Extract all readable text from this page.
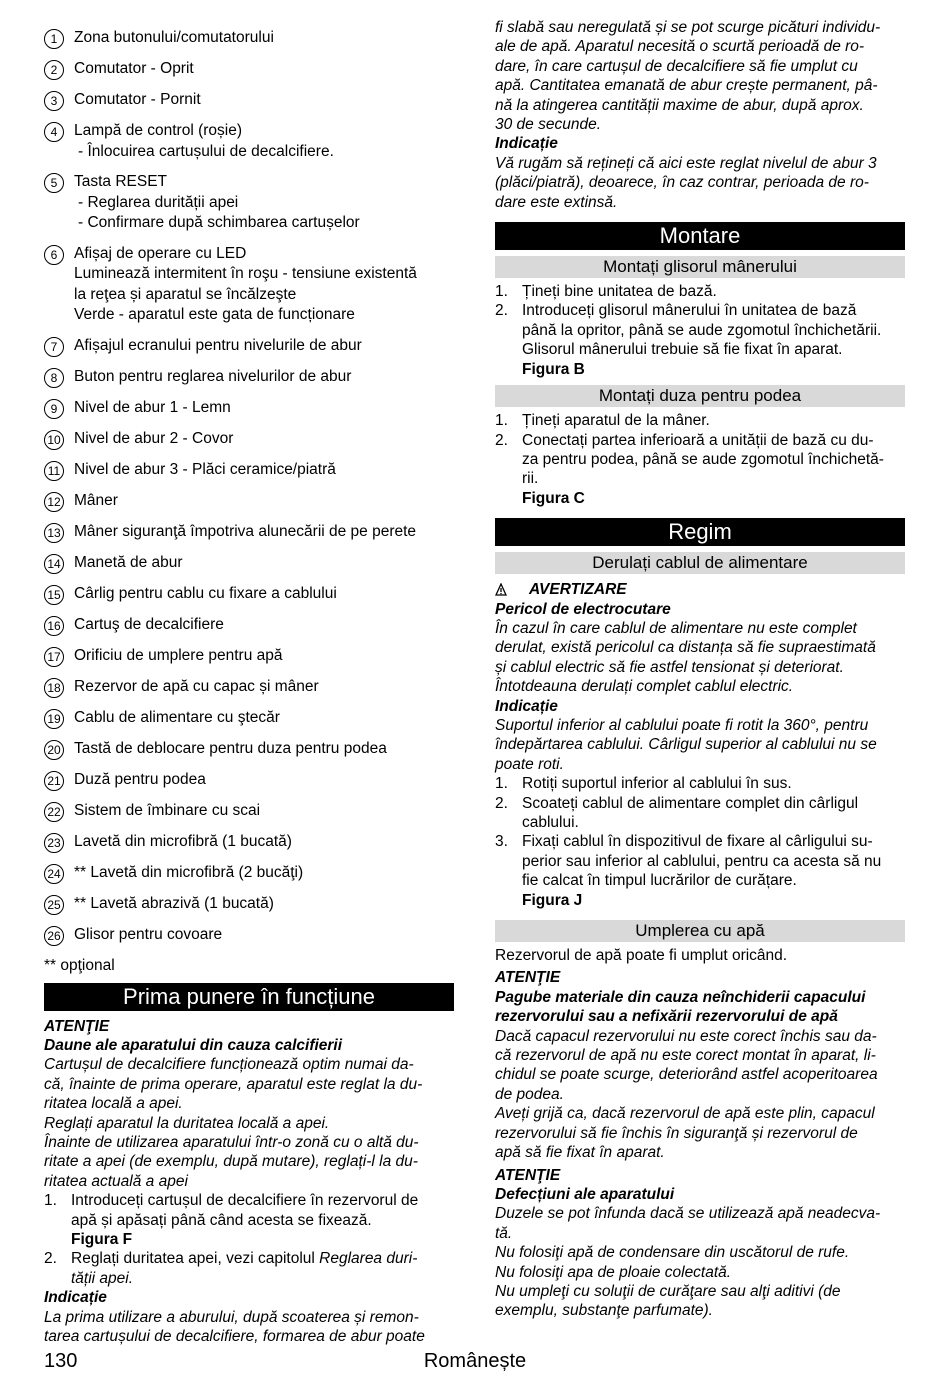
1	Zona butonului/comutatorului
2	Comutator - Oprit
3	Comutator - Pornit
4	Lampă de control (roșie)
- Înlocuirea cartușului de decalcifiere.
5	Tasta RESET
- Reglarea durității apei
- Confirmare după schimbarea cartușelor
6	Afișaj de operare cu LED
Luminează intermitent în roşu - tensiune existentă
la reţea și aparatul se încălzeşte
Verde - aparatul este gata de funcționare
7	Afișajul ecranului pentru nivelurile de abur
8	Buton pentru reglarea nivelurilor de abur
9	Nivel de abur 1 - Lemn
10 Nivel de abur 2 - Covor
11 Nivel de abur 3 - Plăci ceramice/piatră
12 Mâner
13 Mâner siguranţă împotriva alunecării de pe perete
14 Manetă de abur
15 Cârlig pentru cablu cu fixare a cablului
16 Cartuş de decalcifiere
17 Orificiu de umplere pentru apă
18 Rezervor de apă cu capac și mâner
19 Cablu de alimentare cu ştecăr
20 Tastă de deblocare pentru duza pentru podea
21 Duză pentru podea
22 Sistem de îmbinare cu scai
23 Lavetă din microfibră (1 bucată)
24 ** Lavetă din microfibră (2 bucăţi)
25 ** Lavetă abrazivă (1 bucată)
26 Glisor pentru covoare
** opţional
Prima punere în funcțiune
ATENŢIE
Daune ale aparatului din cauza calcifierii
Cartușul de decalcifiere funcționează optim numai da-
că, înainte de prima operare, aparatul este reglat la du-
ritatea locală a apei.
Reglați aparatul la duritatea locală a apei.
Înainte de utilizarea aparatului într-o zonă cu o altă du-
ritate a apei (de exemplu, după mutare), reglați-l la du-
ritatea actuală a apei
1. Introduceți cartușul de decalcifiere în rezervorul de
apă și apăsați până când acesta se fixează.
Figura F
2. Reglați duritatea apei, vezi capitolul Reglarea duri-
tății apei.
Indicație
La prima utilizare a aburului, după scoaterea și remon-
tarea cartușului de decalcifiere, formarea de abur poate
fi slabă sau neregulată și se pot scurge picături individu-
ale de apă. Aparatul necesită o scurtă perioadă de ro-
dare, în care cartușul de decalcifiere să fie umplut cu
apă. Cantitatea emanată de abur crește permanent, pâ-
nă la atingerea cantității maxime de abur, după aprox.
30 de secunde.
Indicație
Vă rugăm să rețineți că aici este reglat nivelul de abur 3
(plăci/piatră), deoarece, în caz contrar, perioada de ro-
dare este extinsă.
Montare
Montați glisorul mânerului
1. Țineți bine unitatea de bază.
2. Introduceți glisorul mânerului în unitatea de bază
până la opritor, până se aude zgomotul închichetării.
Glisorul mânerului trebuie să fie fixat în aparat.
Figura B
Montați duza pentru podea
1. Țineți aparatul de la mâner.
2. Conectați partea inferioară a unității de bază cu du-
za pentru podea, până se aude zgomotul închichetă-
rii.
Figura C
Regim
Derulați cablul de alimentare
AVERTIZARE
Pericol de electrocutare
În cazul în care cablul de alimentare nu este complet
derulat, există pericolul ca distanța să fie supraestimată
și cablul electric să fie astfel tensionat și deteriorat.
Întotdeauna derulați complet cablul electric.
Indicație
Suportul inferior al cablului poate fi rotit la 360°, pentru
îndepărtarea cablului. Cârligul superior al cablului nu se
poate roti.
1. Rotiți suportul inferior al cablului în sus.
2. Scoateți cablul de alimentare complet din cârligul
cablului.
3. Fixați cablul în dispozitivul de fixare al cârligului su-
perior sau inferior al cablului, pentru ca acesta să nu
fie calcat în timpul lucrărilor de curățare.
Figura J
Umplerea cu apă
Rezervorul de apă poate fi umplut oricând.
ATENŢIE
Pagube materiale din cauza neînchiderii capacului
rezervorului sau a nefixării rezervorului de apă
Dacă capacul rezervorului nu este corect închis sau da-
că rezervorul de apă nu este corect montat în aparat, li-
chidul se poate scurge, deteriorând astfel acoperitoarea
de podea.
Aveți grijă ca, dacă rezervorul de apă este plin, capacul
rezervorului să fie închis în siguranţă și rezervorul de
apă să fie fixat în aparat.
ATENŢIE
Defecțiuni ale aparatului
Duzele se pot înfunda dacă se utilizează apă neadecva-
tă.
Nu folosiţi apă de condensare din uscătorul de rufe.
Nu folosiţi apa de ploaie colectată.
Nu umpleţi cu soluţii de curăţare sau alţi aditivi (de
exemplu, substanţe parfumate).
130	Românește
